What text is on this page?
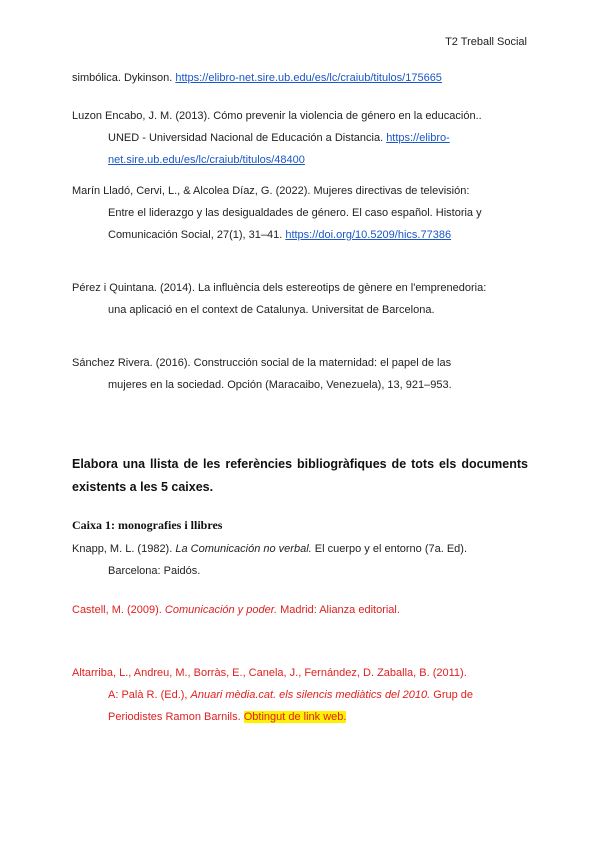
T2 Treball Social
simbólica. Dykinson. https://elibro-net.sire.ub.edu/es/lc/craiub/titulos/175665
Luzon Encabo, J. M. (2013). Cómo prevenir la violencia de género en la educación.. UNED - Universidad Nacional de Educación a Distancia. https://elibro-net.sire.ub.edu/es/lc/craiub/titulos/48400
Marín Lladó, Cervi, L., & Alcolea Díaz, G. (2022). Mujeres directivas de televisión: Entre el liderazgo y las desigualdades de género. El caso español. Historia y Comunicación Social, 27(1), 31–41. https://doi.org/10.5209/hics.77386
Pérez i Quintana. (2014). La influència dels estereotips de gènere en l'emprenedoria: una aplicació en el context de Catalunya. Universitat de Barcelona.
Sánchez Rivera. (2016). Construcción social de la maternidad: el papel de las mujeres en la sociedad. Opción (Maracaibo, Venezuela), 13, 921–953.
Elabora una llista de les referències bibliogràfiques de tots els documents existents a les 5 caixes.
Caixa 1: monografies i llibres
Knapp, M. L. (1982). La Comunicación no verbal. El cuerpo y el entorno (7a. Ed). Barcelona: Paidós.
Castell, M. (2009). Comunicación y poder. Madrid: Alianza editorial.
Altarriba, L., Andreu, M., Borràs, E., Canela, J., Fernández, D. Zaballa, B. (2011). A: Palà R. (Ed.), Anuari mèdia.cat. els silencis mediàtics del 2010. Grup de Periodistes Ramon Barnils. Obtingut de link web.
